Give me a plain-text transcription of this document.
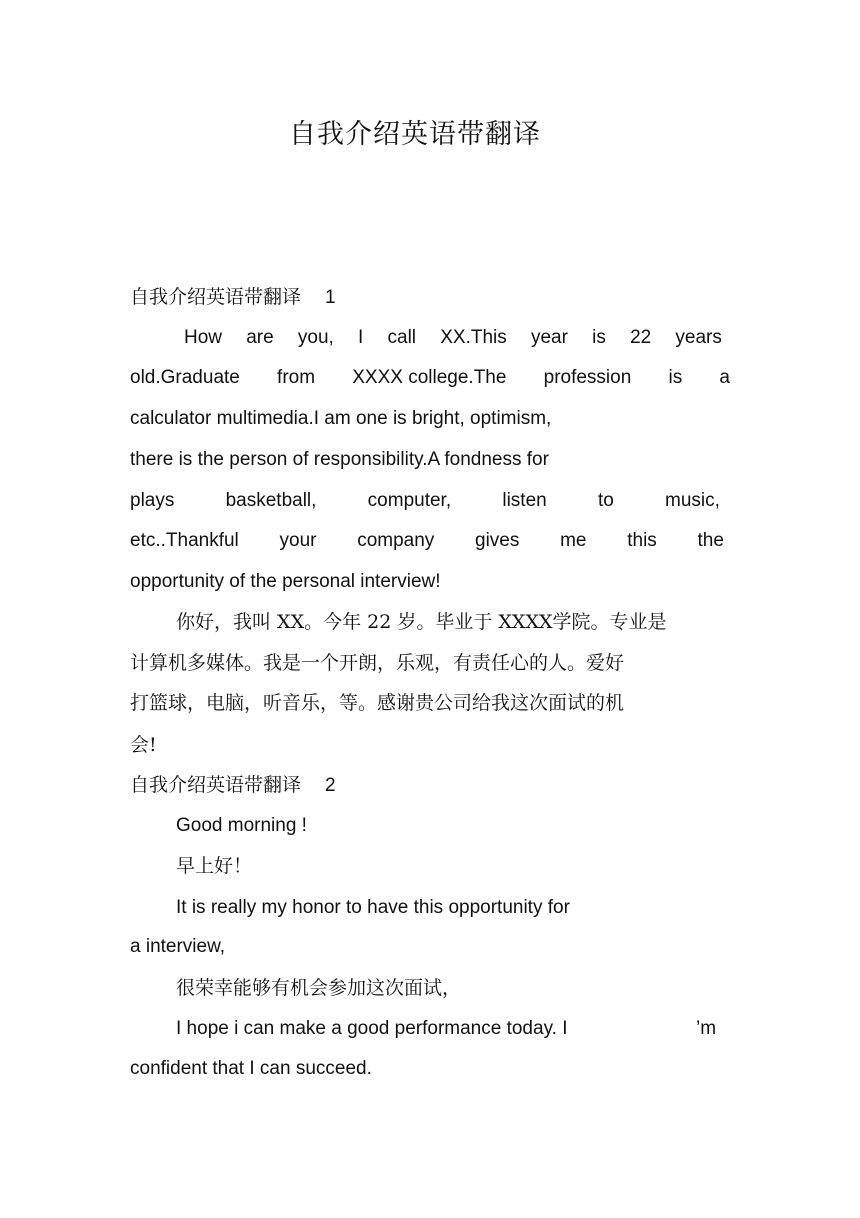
自我介绍英语带翻译
自我介绍英语带翻译 1
How are you, I call XX.This year is 22 years
old.Graduate from XXXX college.The profession is a
calculator multimedia.I am one is bright, optimism,
there is the person of responsibility.A fondness for
plays	basketball,	computer,	listen	to	music,
etc..Thankful your company gives me this the
opportunity of the personal interview!
你好，我叫 XX。今年 22 岁。毕业于 XXXX学院。专业是
计算机多媒体。我是一个开朗，乐观，有责任心的人。爱好
打篮球，电脑，听音乐，等。感谢贵公司给我这次面试的机
会!
自我介绍英语带翻译 2
Good morning !
早上好！
It is really my honor to have this opportunity for
a interview,
很荣幸能够有机会参加这次面试，
I hope i can make a good performance today. I	’m
confident that I can succeed.
